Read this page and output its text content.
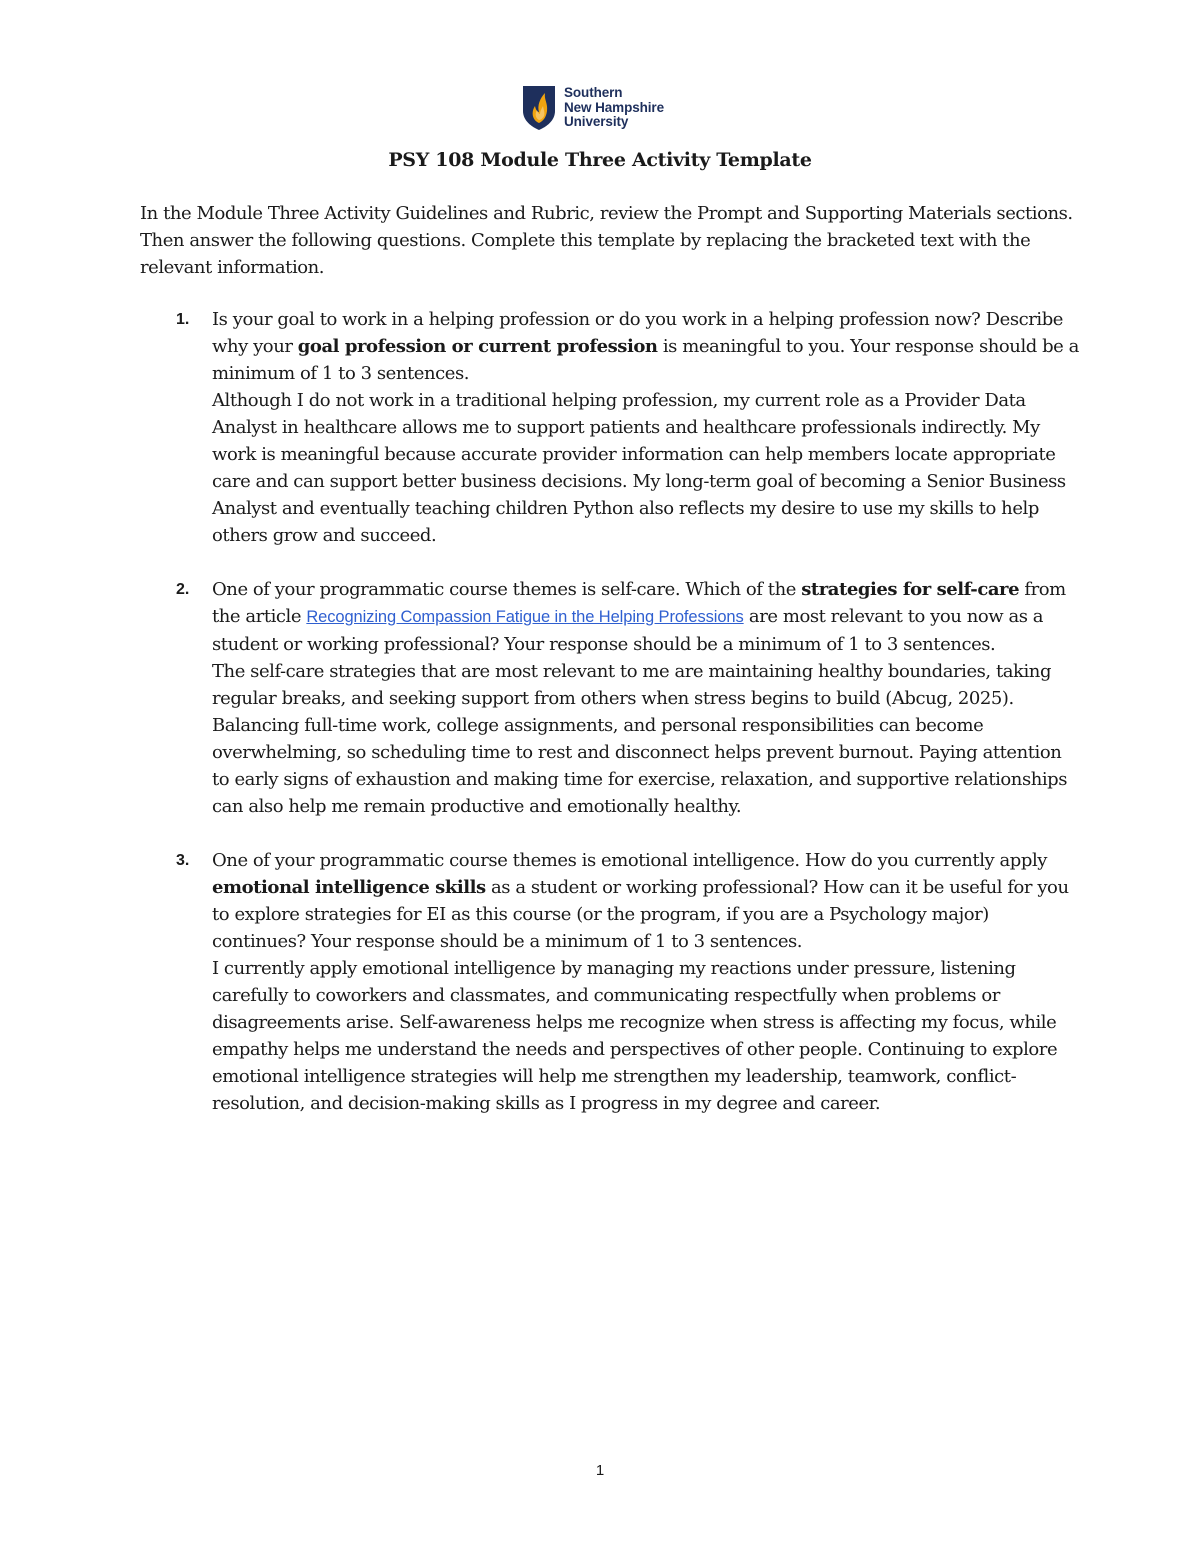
Southern
New Hampshire
University
PSY 108 Module Three Activity Template

In the Module Three Activity Guidelines and Rubric, review the Prompt and Supporting Materials sections. Then answer the following questions. Complete this template by replacing the bracketed text with the relevant information.

1. Is your goal to work in a helping profession or do you work in a helping profession now? Describe why your goal profession or current profession is meaningful to you. Your response should be a minimum of 1 to 3 sentences.

Although I do not work in a traditional helping profession, my current role as a Provider Data Analyst in healthcare allows me to support patients and healthcare professionals indirectly. My work is meaningful because accurate provider information can help members locate appropriate care and can support better business decisions. My long-term goal of becoming a Senior Business Analyst and eventually teaching children Python also reflects my desire to use my skills to help others grow and succeed.

2. One of your programmatic course themes is self-care. Which of the strategies for self-care from the article Recognizing Compassion Fatigue in the Helping Professions are most relevant to you now as a student or working professional? Your response should be a minimum of 1 to 3 sentences.

The self-care strategies that are most relevant to me are maintaining healthy boundaries, taking regular breaks, and seeking support from others when stress begins to build (Abcug, 2025). Balancing full-time work, college assignments, and personal responsibilities can become overwhelming, so scheduling time to rest and disconnect helps prevent burnout. Paying attention to early signs of exhaustion and making time for exercise, relaxation, and supportive relationships can also help me remain productive and emotionally healthy.

3. One of your programmatic course themes is emotional intelligence. How do you currently apply emotional intelligence skills as a student or working professional? How can it be useful for you to explore strategies for EI as this course (or the program, if you are a Psychology major) continues? Your response should be a minimum of 1 to 3 sentences.

I currently apply emotional intelligence by managing my reactions under pressure, listening carefully to coworkers and classmates, and communicating respectfully when problems or disagreements arise. Self-awareness helps me recognize when stress is affecting my focus, while empathy helps me understand the needs and perspectives of other people. Continuing to explore emotional intelligence strategies will help me strengthen my leadership, teamwork, conflict-resolution, and decision-making skills as I progress in my degree and career.

1
